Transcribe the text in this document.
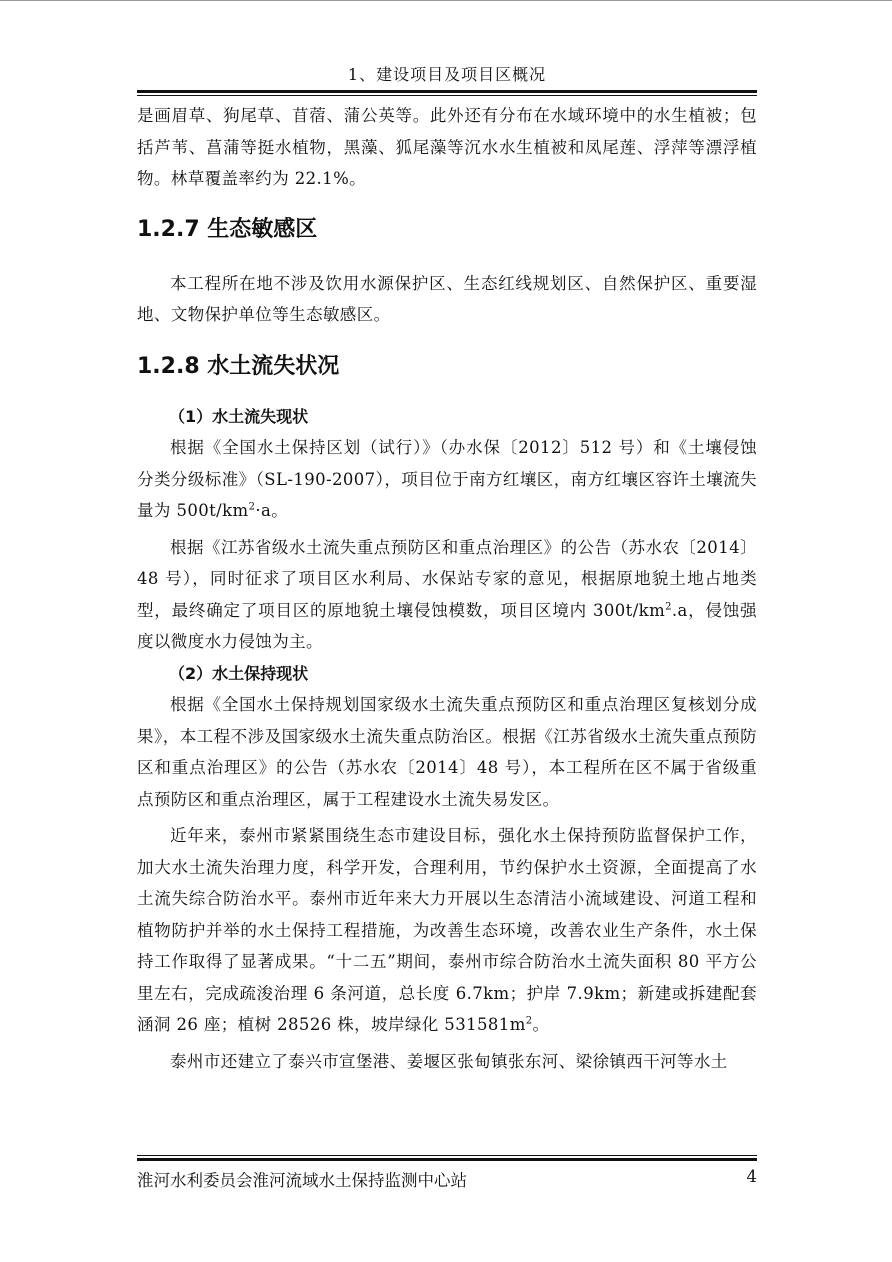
1、建设项目及项目区概况

是画眉草、狗尾草、苜蓿、蒲公英等。此外还有分布在水域环境中的水生植被；包括芦苇、菖蒲等挺水植物，黑藻、狐尾藻等沉水水生植被和凤尾莲、浮萍等漂浮植物。林草覆盖率约为 22.1%。

1.2.7 生态敏感区

本工程所在地不涉及饮用水源保护区、生态红线规划区、自然保护区、重要湿地、文物保护单位等生态敏感区。

1.2.8 水土流失状况
（1）水土流失现状

根据《全国水土保持区划（试行）》（办水保〔2012〕512 号）和《土壤侵蚀分类分级标准》（SL-190-2007），项目位于南方红壤区，南方红壤区容许土壤流失量为 $500t/km^2\cdot a$。

根据《江苏省级水土流失重点预防区和重点治理区》的公告（苏水农〔2014〕48 号），同时征求了项目区水利局、水保站专家的意见，根据原地貌土地占地类型，最终确定了项目区的原地貌土壤侵蚀模数，项目区境内 $300t/km^2.a$，侵蚀强度以微度水力侵蚀为主。

（2）水土保持现状

根据《全国水土保持规划国家级水土流失重点预防区和重点治理区复核划分成果》，本工程不涉及国家级水土流失重点防治区。根据《江苏省级水土流失重点预防区和重点治理区》的公告（苏水农〔2014〕48 号），本工程所在区不属于省级重点预防区和重点治理区，属于工程建设水土流失易发区。

近年来，泰州市紧紧围绕生态市建设目标，强化水土保持预防监督保护工作，加大水土流失治理力度，科学开发，合理利用，节约保护水土资源，全面提高了水土流失综合防治水平。泰州市近年来大力开展以生态清洁小流域建设、河道工程和植物防护并举的水土保持工程措施，为改善生态环境，改善农业生产条件，水土保持工作取得了显著成果。“十二五”期间，泰州市综合防治水土流失面积 80 平方公里左右，完成疏浚治理 6 条河道，总长度 6.7km；护岸 7.9km；新建或拆建配套涵洞 26 座；植树 28526 株，坡岸绿化 $531581m^2$。

泰州市还建立了泰兴市宣堡港、姜堰区张甸镇张东河、梁徐镇西干河等水土

淮河水利委员会淮河流域水土保持监测中心站	4
